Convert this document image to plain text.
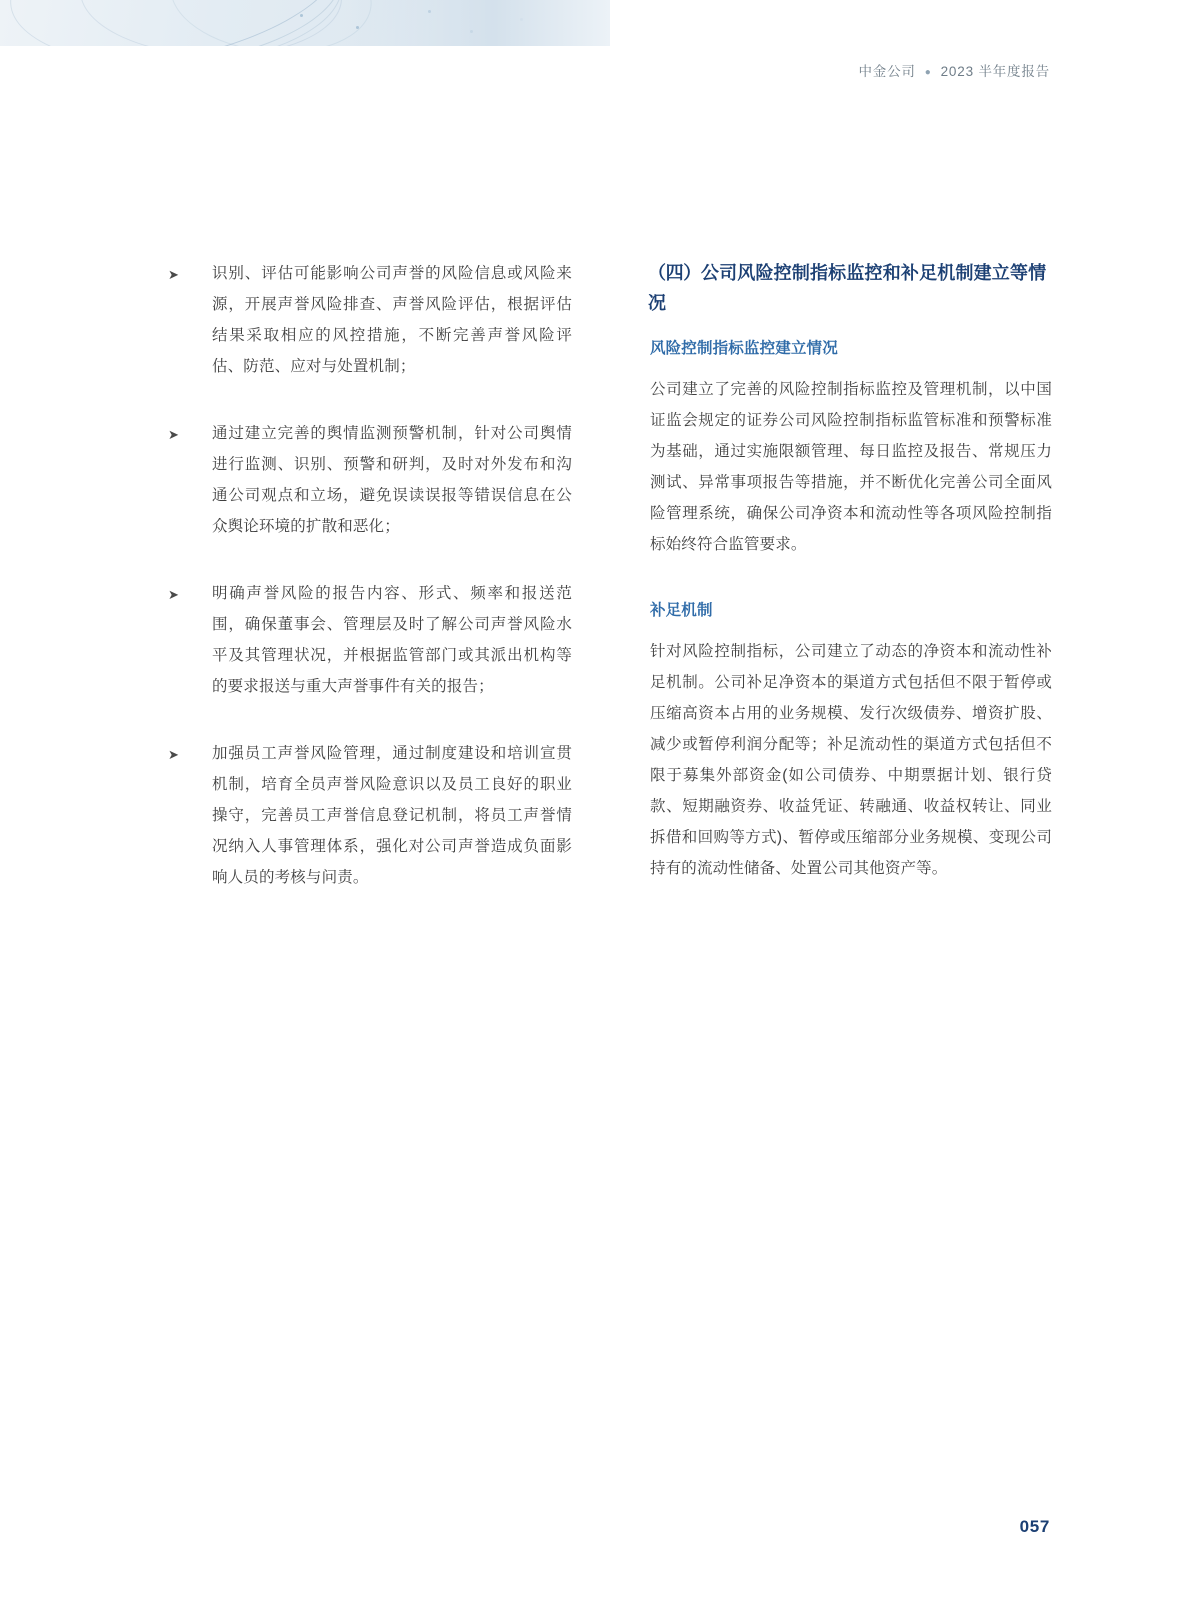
中金公司 ● 2023 半年度报告
➤	识别、评估可能影响公司声誉的风险信息或风险来源，开展声誉风险排查、声誉风险评估，根据评估结果采取相应的风控措施，不断完善声誉风险评估、防范、应对与处置机制；
➤	通过建立完善的舆情监测预警机制，针对公司舆情进行监测、识别、预警和研判，及时对外发布和沟通公司观点和立场，避免误读误报等错误信息在公众舆论环境的扩散和恶化；
➤	明确声誉风险的报告内容、形式、频率和报送范围，确保董事会、管理层及时了解公司声誉风险水平及其管理状况，并根据监管部门或其派出机构等的要求报送与重大声誉事件有关的报告；
➤	加强员工声誉风险管理，通过制度建设和培训宣贯机制，培育全员声誉风险意识以及员工良好的职业操守，完善员工声誉信息登记机制，将员工声誉情况纳入人事管理体系，强化对公司声誉造成负面影响人员的考核与问责。
（四）公司风险控制指标监控和补足机制建立等情况
风险控制指标监控建立情况

公司建立了完善的风险控制指标监控及管理机制，以中国证监会规定的证券公司风险控制指标监管标准和预警标准为基础，通过实施限额管理、每日监控及报告、常规压力测试、异常事项报告等措施，并不断优化完善公司全面风险管理系统，确保公司净资本和流动性等各项风险控制指标始终符合监管要求。

补足机制

针对风险控制指标，公司建立了动态的净资本和流动性补足机制。公司补足净资本的渠道方式包括但不限于暂停或压缩高资本占用的业务规模、发行次级债券、增资扩股、减少或暂停利润分配等；补足流动性的渠道方式包括但不限于募集外部资金(如公司债券、中期票据计划、银行贷款、短期融资券、收益凭证、转融通、收益权转让、同业拆借和回购等方式)、暂停或压缩部分业务规模、变现公司持有的流动性储备、处置公司其他资产等。

057
